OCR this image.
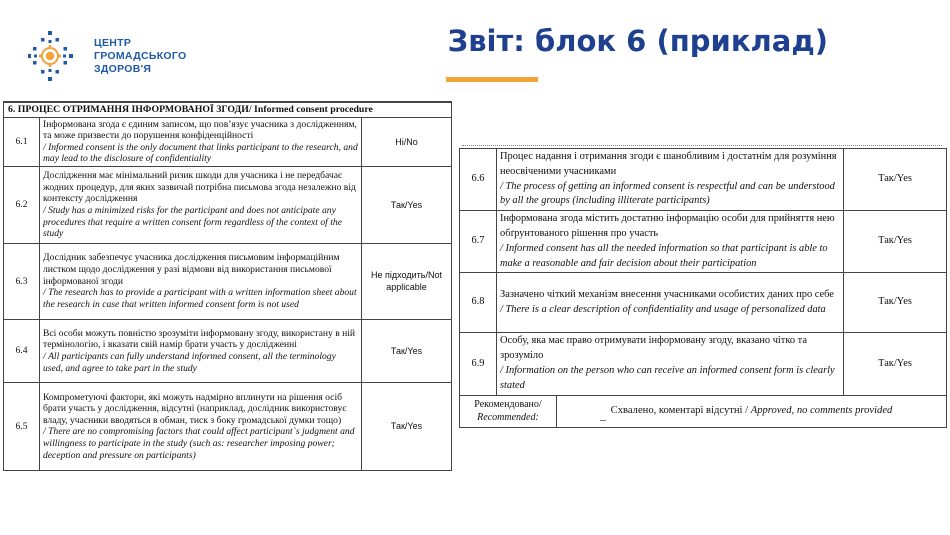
ЦЕНТР
ГРОМАДСЬКОГО
ЗДОРОВ'Я
Звіт: блок 6 (приклад)
6. ПРОЦЕС ОТРИМАННЯ ІНФОРМОВАНОЇ ЗГОДИ/ Informed consent procedure		
6.1	Інформована згода є єдиним записом, що пов’язує учасника з дослідженням, та може призвести до порушення конфіденційності
/ Informed consent is the only document that links participant to the research, and may lead to the disclosure of confidentiality	Ні/No
6.2	Дослідження має мінімальний ризик шкоди для учасника і не передбачає жодних процедур, для яких зазвичай потрібна письмова згода незалежно від контексту дослідження
/ Study has a minimized risks for the participant and does not anticipate any procedures that require a written consent form regardless of the context of the study	Так/Yes
6.3	Дослідник забезпечує учасника дослідження письмовим інформаційним листком щодо дослідження у разі відмови від використання письмової інформованої згоди
/ The research has to provide a participant with a written information sheet about the research in case that written informed consent form is not used	Не підходить/Not applicable
6.4	Всі особи можуть повністю зрозуміти інформовану згоду, використану в ній термінологію, і вказати свій намір брати участь у дослідженні
/ All participants can fully understand informed consent, all the terminology used, and agree to take part in the study	Так/Yes
6.5	Компрометуючі фактори, які можуть надмірно вплинути на рішення осіб брати участь у дослідження, відсутні (наприклад, дослідник використовує владу, учасники вводяться в обман, тиск з боку громадської думки тощо)
/ There are no compromising factors that could affect participant`s judgment and willingness to participate in the study (such as: researcher imposing power; deception and pressure on participants)	Так/Yes
6.6	Процес надання і отримання згоди є шанобливим і достатнім для розуміння неосвіченими учасниками
/ The process of getting an informed consent is respectful and can be understood by all the groups (including illiterate participants)		Так/Yes
6.7	Інформована згода містить достатню інформацію особи для прийняття нею обґрунтованого рішення про участь
/ Informed consent has all the needed information so that participant is able to make a reasonable and fair decision about their participation		Так/Yes
6.8	Зазначено чіткий механізм внесення учасниками особистих даних про себе
/ There is a clear description of confidentiality and usage of personalized data		Так/Yes
6.9	Особу, яка має право отримувати інформовану згоду, вказано чітко та зрозуміло
/ Information on the person who can receive an informed consent form is clearly stated		Так/Yes
Рекомендовано/
Recommended:		Схвалено, коментарі відсутні / Approved, no comments provided	
